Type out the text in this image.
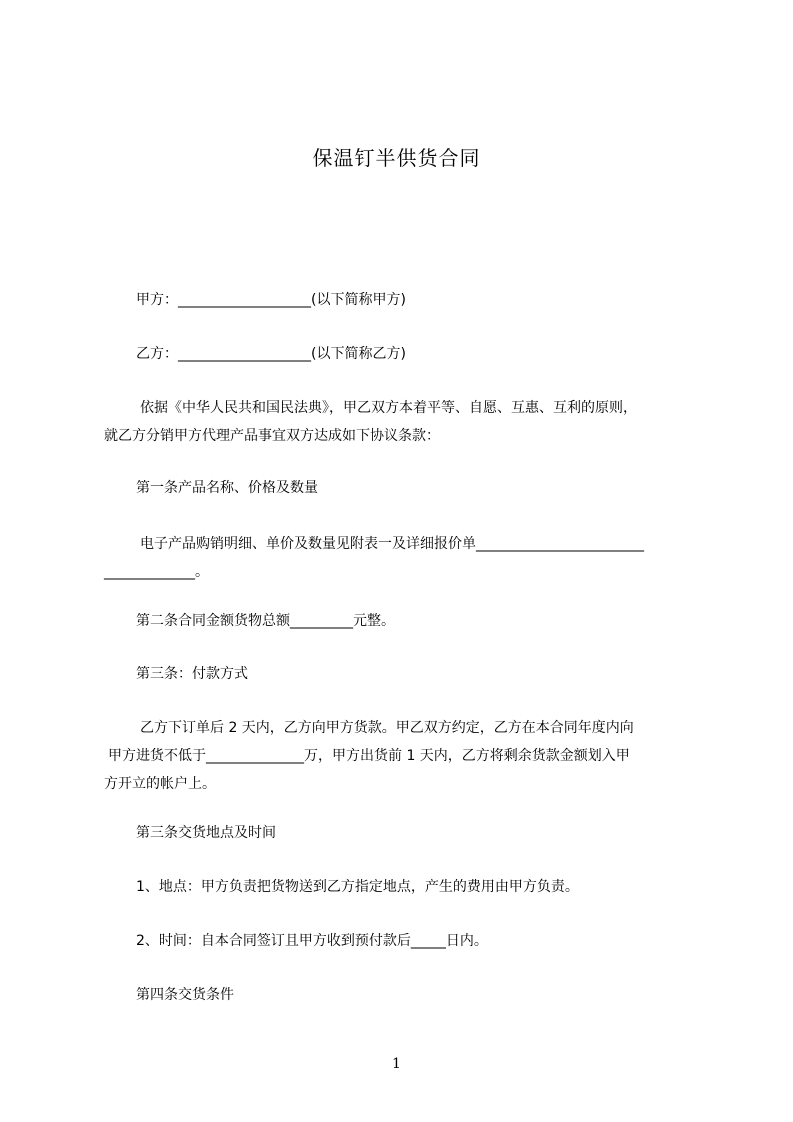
保温钉半供货合同
甲方：___________________(以下简称甲方)
乙方：___________________(以下简称乙方)
依据《中华人民共和国民法典》，甲乙双方本着平等、自愿、互惠、互利的原则，
就乙方分销甲方代理产品事宜双方达成如下协议条款：
第一条产品名称、价格及数量
电子产品购销明细、单价及数量见附表一及详细报价单________________________
_____________。
第二条合同金额货物总额_________元整。
第三条：付款方式
乙方下订单后 2 天内，乙方向甲方货款。甲乙双方约定，乙方在本合同年度内向
甲方进货不低于______________万，甲方出货前 1 天内，乙方将剩余货款金额划入甲
方开立的帐户上。
第三条交货地点及时间
1、地点：甲方负责把货物送到乙方指定地点，产生的费用由甲方负责。
2、时间：自本合同签订且甲方收到预付款后_____日内。
第四条交货条件
1
